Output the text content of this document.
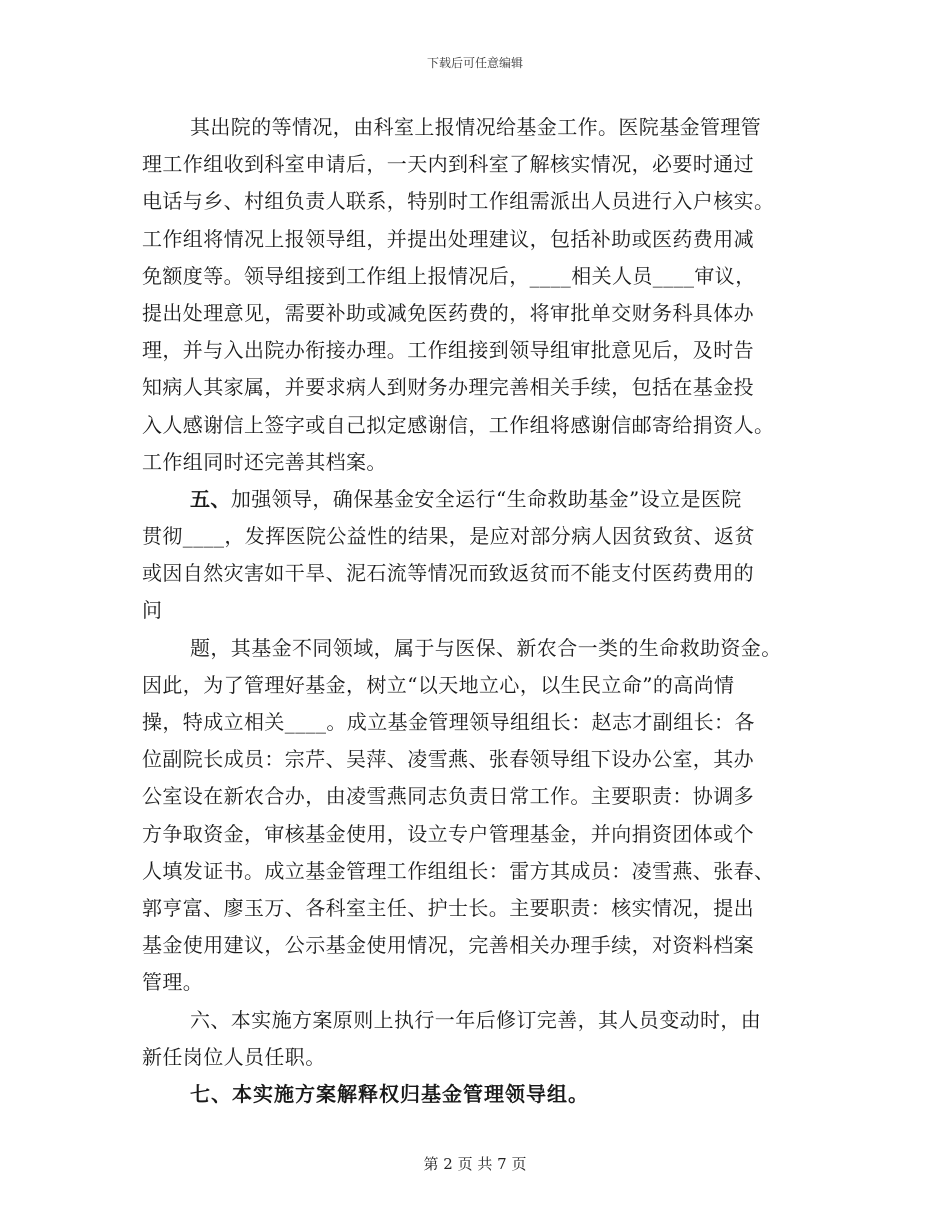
下载后可任意编辑
其出院的等情况，由科室上报情况给基金工作。医院基金管理管
理工作组收到科室申请后，一天内到科室了解核实情况，必要时通过
电话与乡、村组负责人联系，特别时工作组需派出人员进行入户核实。
工作组将情况上报领导组，并提出处理建议，包括补助或医药费用减
免额度等。领导组接到工作组上报情况后，____相关人员____审议，
提出处理意见，需要补助或减免医药费的，将审批单交财务科具体办
理，并与入出院办衔接办理。工作组接到领导组审批意见后，及时告
知病人其家属，并要求病人到财务办理完善相关手续，包括在基金投
入人感谢信上签字或自己拟定感谢信，工作组将感谢信邮寄给捐资人。
工作组同时还完善其档案。
五、加强领导，确保基金安全运行“生命救助基金”设立是医院
贯彻____，发挥医院公益性的结果，是应对部分病人因贫致贫、返贫
或因自然灾害如干旱、泥石流等情况而致返贫而不能支付医药费用的
问
题，其基金不同领域，属于与医保、新农合一类的生命救助资金。
因此，为了管理好基金，树立“以天地立心，以生民立命”的高尚情
操，特成立相关____。成立基金管理领导组组长：赵志才副组长：各
位副院长成员：宗芹、吴萍、凌雪燕、张春领导组下设办公室，其办
公室设在新农合办，由凌雪燕同志负责日常工作。主要职责：协调多
方争取资金，审核基金使用，设立专户管理基金，并向捐资团体或个
人填发证书。成立基金管理工作组组长：雷方其成员：凌雪燕、张春、
郭亨富、廖玉万、各科室主任、护士长。主要职责：核实情况，提出
基金使用建议，公示基金使用情况，完善相关办理手续，对资料档案
管理。
六、本实施方案原则上执行一年后修订完善，其人员变动时，由
新任岗位人员任职。
七、本实施方案解释权归基金管理领导组。
第 2 页 共 7 页
